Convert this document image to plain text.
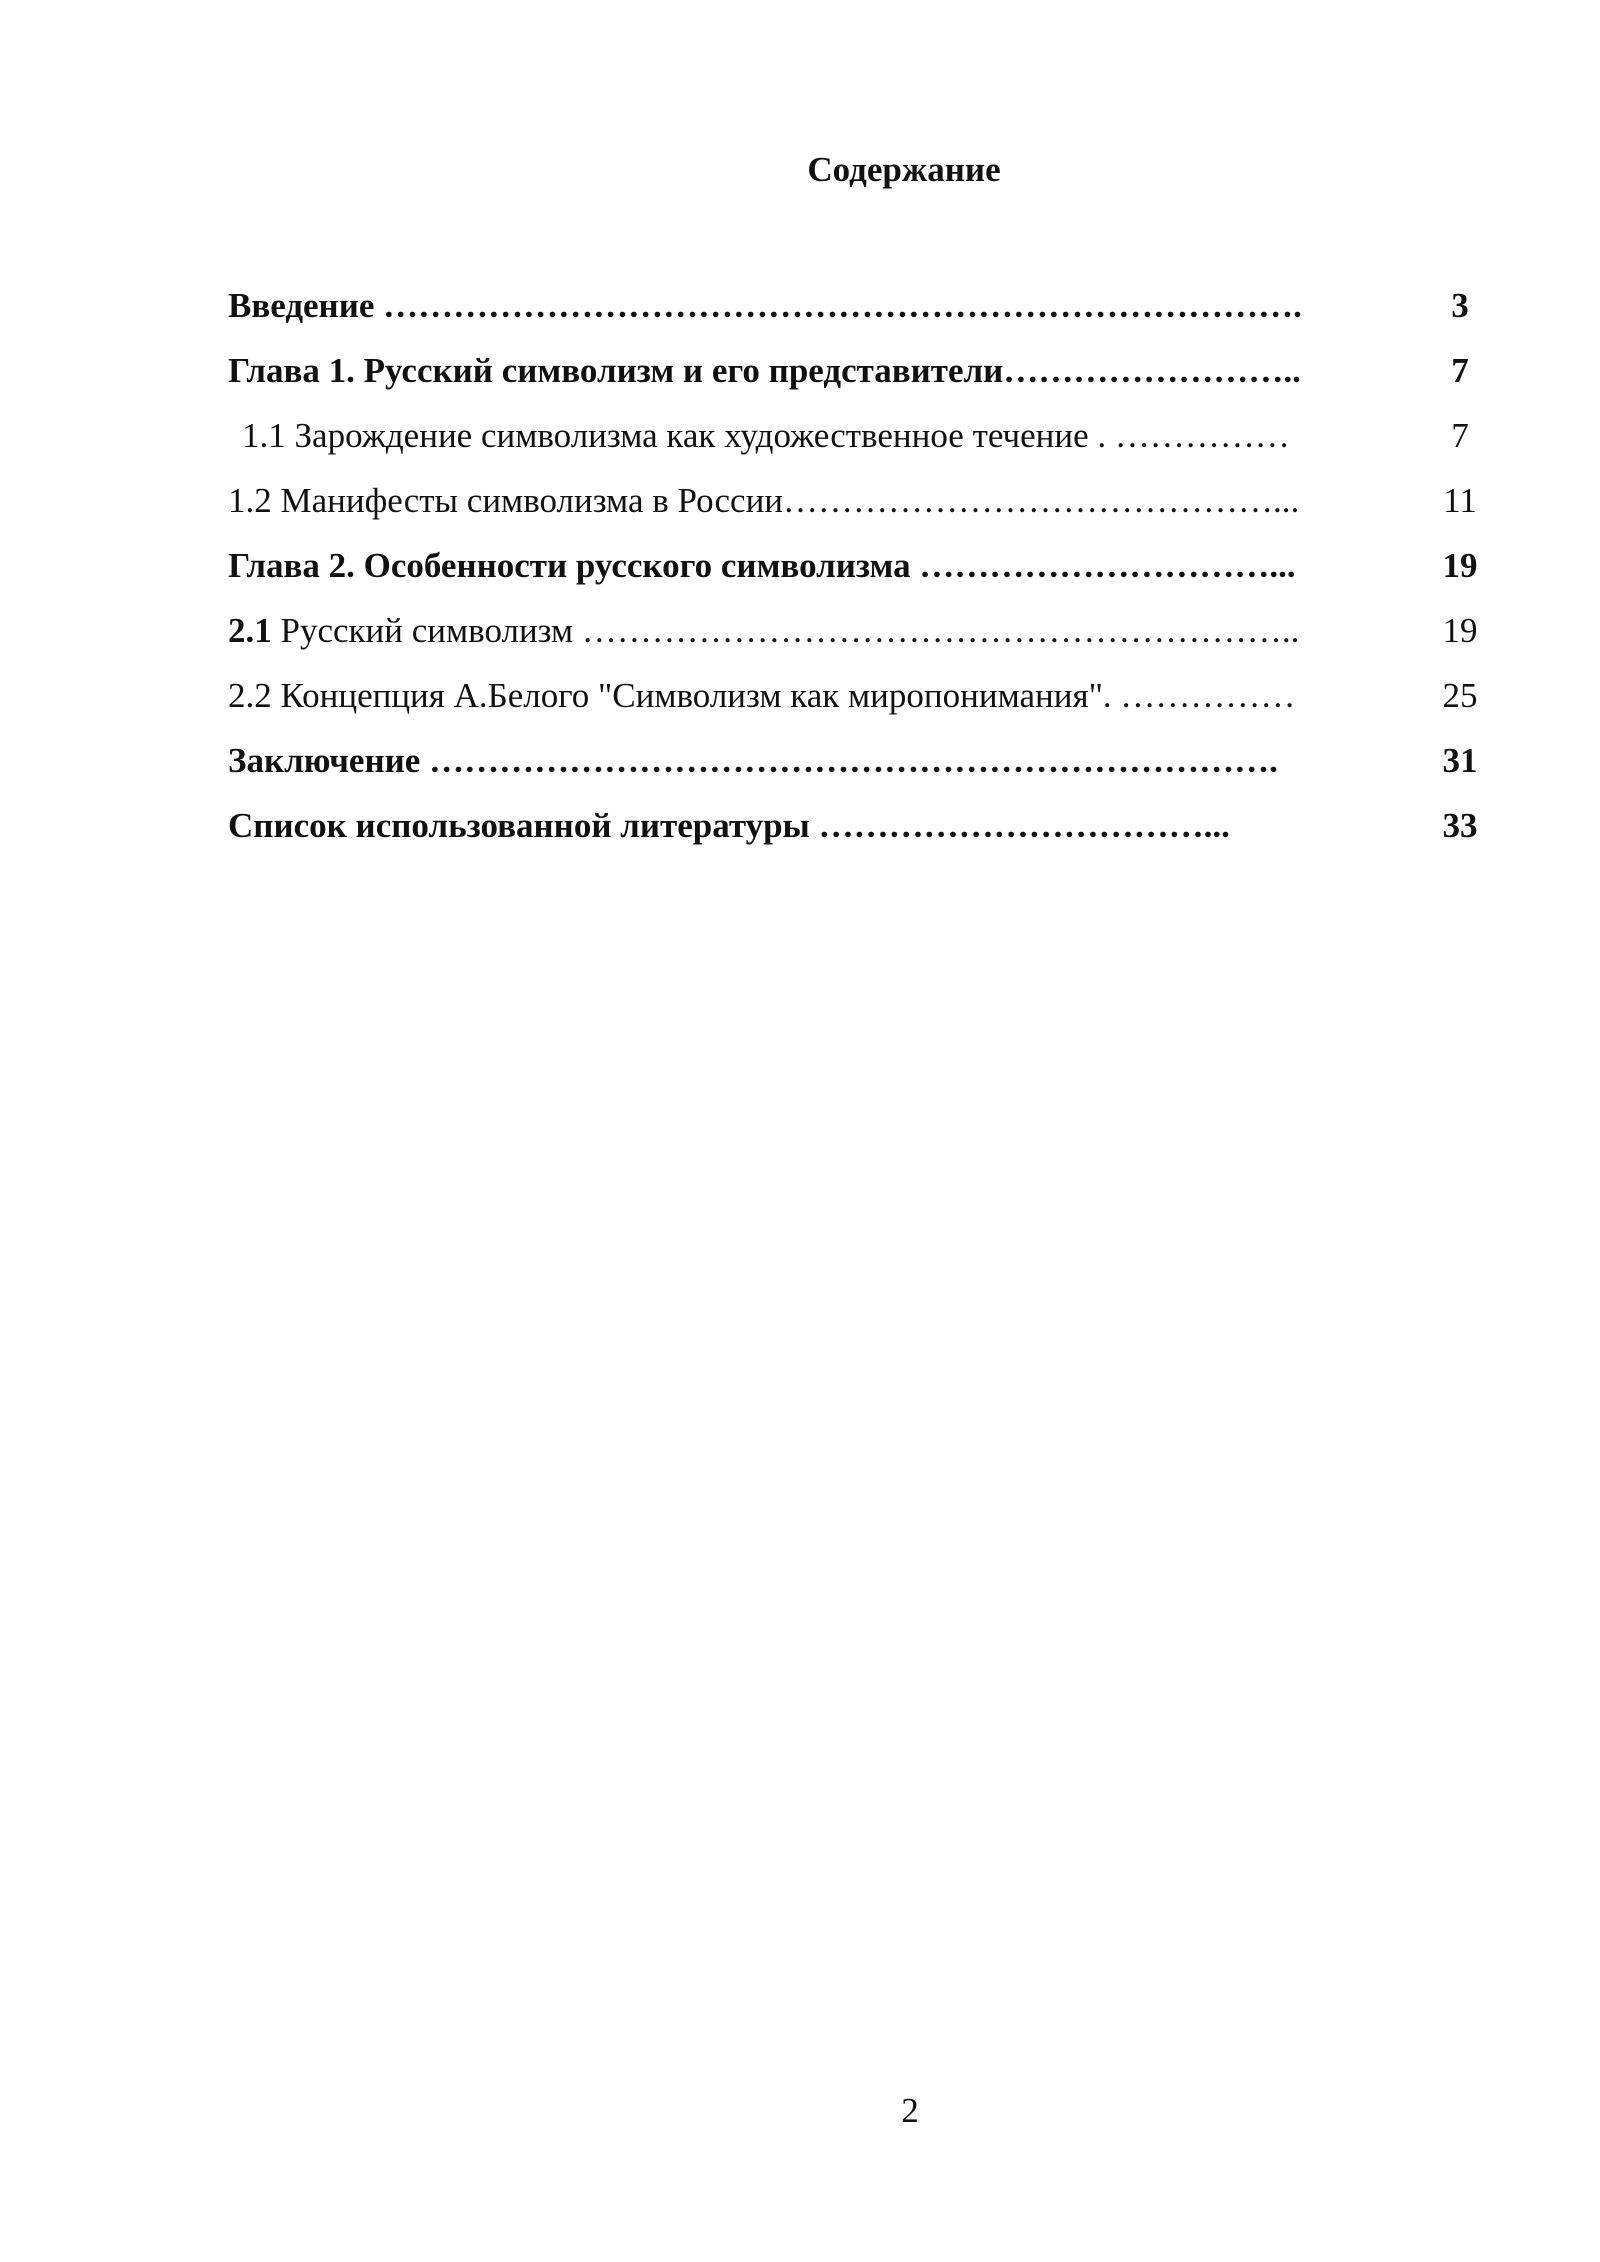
Содержание
Введение …………………………………………………………………….	3
Глава 1. Русский символизм и его представители……………………..	7
1.1 Зарождение символизма как художественное течение . ……………	7
1.2 Манифесты символизма в России……………………………………...	11
Глава 2. Особенности русского символизма …………………………...	19
2.1 Русский символизм ……………………………………………………..	19
2.2 Концепция А.Белого "Символизм как миропонимания". ……………	25
Заключение ……………………………………………………………….	31
Список использованной литературы ……………………………...	33
2
